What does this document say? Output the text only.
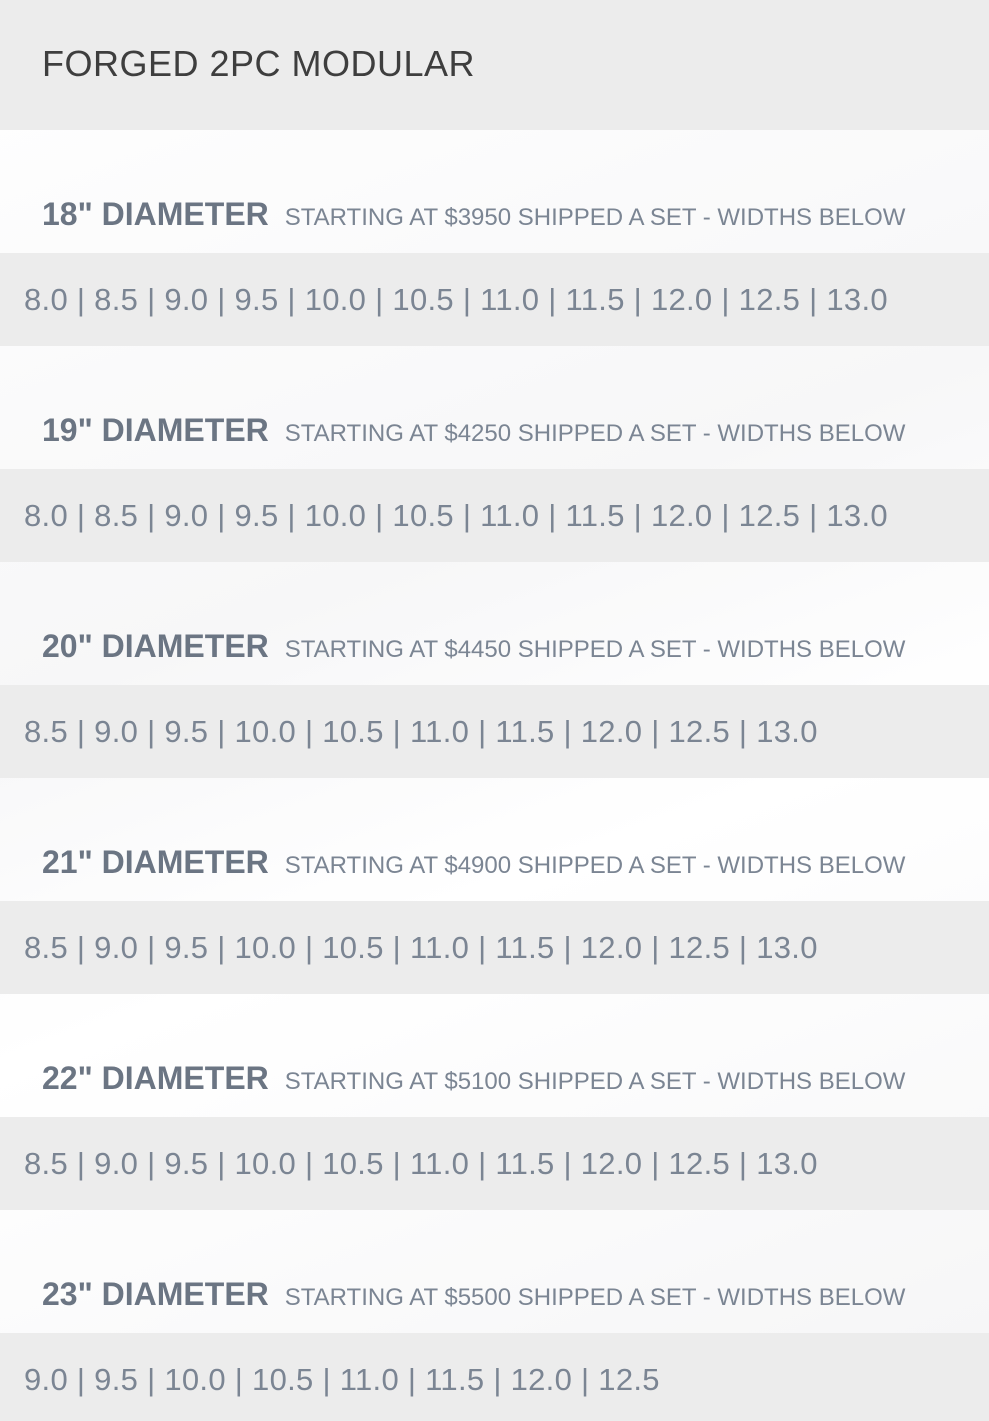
FORGED 2PC MODULAR
18" DIAMETER STARTING AT $3950 SHIPPED A SET - WIDTHS BELOW
8.0 | 8.5 | 9.0 | 9.5 | 10.0 | 10.5 | 11.0 | 11.5 | 12.0 | 12.5 | 13.0
19" DIAMETER STARTING AT $4250 SHIPPED A SET - WIDTHS BELOW
8.0 | 8.5 | 9.0 | 9.5 | 10.0 | 10.5 | 11.0 | 11.5 | 12.0 | 12.5 | 13.0
20" DIAMETER STARTING AT $4450 SHIPPED A SET - WIDTHS BELOW
8.5 | 9.0 | 9.5 | 10.0 | 10.5 | 11.0 | 11.5 | 12.0 | 12.5 | 13.0
21" DIAMETER STARTING AT $4900 SHIPPED A SET - WIDTHS BELOW
8.5 | 9.0 | 9.5 | 10.0 | 10.5 | 11.0 | 11.5 | 12.0 | 12.5 | 13.0
22" DIAMETER STARTING AT $5100 SHIPPED A SET - WIDTHS BELOW
8.5 | 9.0 | 9.5 | 10.0 | 10.5 | 11.0 | 11.5 | 12.0 | 12.5 | 13.0
23" DIAMETER STARTING AT $5500 SHIPPED A SET - WIDTHS BELOW
9.0 | 9.5 | 10.0 | 10.5 | 11.0 | 11.5 | 12.0 | 12.5
